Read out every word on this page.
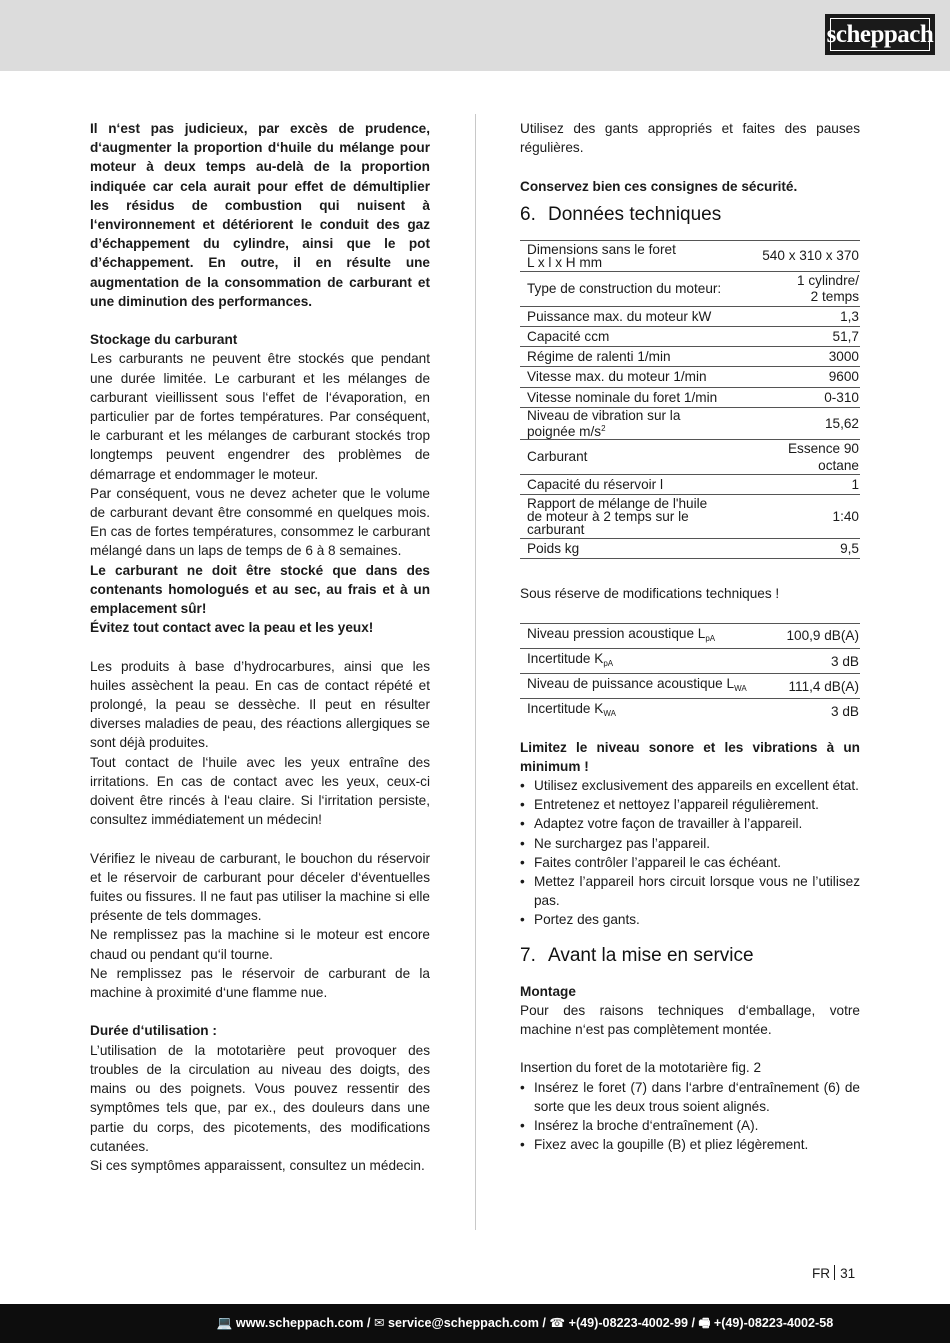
scheppach

Il n‘est pas judicieux, par excès de prudence, d‘augmenter la proportion d‘huile du mélange pour moteur à deux temps au-delà de la proportion indiquée car cela aurait pour effet de démultiplier les résidus de combustion qui nuisent à l‘environnement et détériorent le conduit des gaz d’échappement du cylindre, ainsi que le pot d’échappement. En outre, il en résulte une augmentation de la consommation de carburant et une diminution des performances.

Stockage du carburant

Les carburants ne peuvent être stockés que pendant une durée limitée. Le carburant et les mélanges de carburant vieillissent sous l‘effet de l‘évaporation, en particulier par de fortes températures. Par conséquent, le carburant et les mélanges de carburant stockés trop longtemps peuvent engendrer des problèmes de démarrage et endommager le moteur.

Par conséquent, vous ne devez acheter que le volume de carburant devant être consommé en quelques mois. En cas de fortes températures, consommez le carburant mélangé dans un laps de temps de 6 à 8 semaines.

Le carburant ne doit être stocké que dans des contenants homologués et au sec, au frais et à un emplacement sûr!

Évitez tout contact avec la peau et les yeux!

Les produits à base d’hydrocarbures, ainsi que les huiles assèchent la peau. En cas de contact répété et prolongé, la peau se dessèche. Il peut en résulter diverses maladies de peau, des réactions allergiques se sont déjà produites.

Tout contact de l‘huile avec les yeux entraîne des irritations. En cas de contact avec les yeux, ceux-ci doivent être rincés à l‘eau claire. Si l‘irritation persiste, consultez immédiatement un médecin!

Vérifiez le niveau de carburant, le bouchon du réservoir et le réservoir de carburant pour déceler d‘éventuelles fuites ou fissures. Il ne faut pas utiliser la machine si elle présente de tels dommages.

Ne remplissez pas la machine si le moteur est encore chaud ou pendant qu‘il tourne.

Ne remplissez pas le réservoir de carburant de la machine à proximité d‘une flamme nue.

Durée d‘utilisation :

L’utilisation de la mototarière peut provoquer des troubles de la circulation au niveau des doigts, des mains ou des poignets. Vous pouvez ressentir des symptômes tels que, par ex., des douleurs dans une partie du corps, des picotements, des modifications cutanées.

Si ces symptômes apparaissent, consultez un médecin.

Utilisez des gants appropriés et faites des pauses régulières.

Conservez bien ces consignes de sécurité.

6. Données techniques
Dimensions sans le foret
L x l x H mm	540 x 310 x 370
Type de construction du moteur:	1 cylindre/
2 temps

Puissance max. du moteur kW	1,3
Capacité ccm	51,7
Régime de ralenti 1/min	3000
Vitesse max. du moteur 1/min	9600
Vitesse nominale du foret 1/min	0-310

Niveau de vibration sur la
poignée $m/s^2$	15,62
Carburant	Essence 90
octane

Capacité du réservoir l	1

Rapport de mélange de l'huile
de moteur à 2 temps sur le
carburant	1:40
Poids kg	9,5

Sous réserve de modifications techniques !

Niveau pression acoustique $L_{pA}$	100,9 dB(A)
Incertitude $K_{pA}$	3 dB
Niveau de puissance acoustique $L_{WA}$	111,4 dB(A)
Incertitude $K_{WA}$	3 dB

Limitez le niveau sonore et les vibrations à un minimum !

• Utilisez exclusivement des appareils en excellent état.
• Entretenez et nettoyez l’appareil régulièrement.
• Adaptez votre façon de travailler à l’appareil.
• Ne surchargez pas l’appareil.
• Faites contrôler l’appareil le cas échéant.
• Mettez l’appareil hors circuit lorsque vous ne l’utilisez pas.
• Portez des gants.
7. Avant la mise en service

Montage

Pour des raisons techniques d‘emballage, votre machine n‘est pas complètement montée.

Insertion du foret de la mototarière fig. 2

• Insérez le foret (7) dans l‘arbre d‘entraînement (6) de sorte que les deux trous soient alignés.
• Insérez la broche d‘entraînement (A).
• Fixez avec la goupille (B) et pliez légèrement.
FR 31
💻 www.scheppach.com / ✉ service@scheppach.com / ☎ +(49)-08223-4002-99 / 🖷 +(49)-08223-4002-58
